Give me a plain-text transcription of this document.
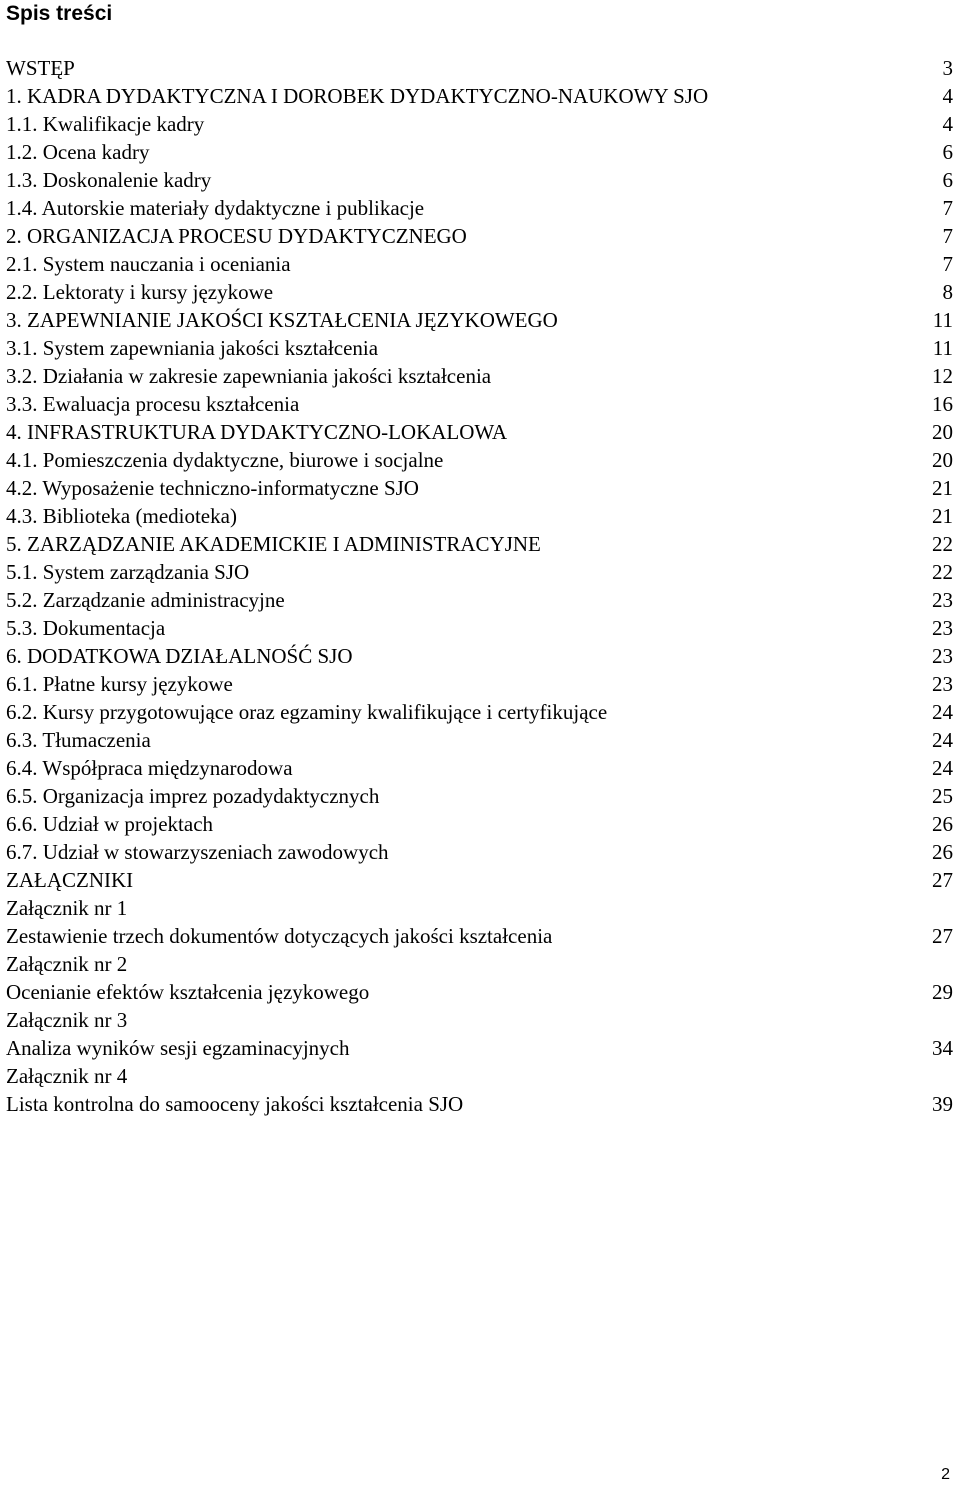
Spis treści
WSTĘP	3
1. KADRA DYDAKTYCZNA I DOROBEK DYDAKTYCZNO-NAUKOWY SJO	4
1.1. Kwalifikacje kadry	4
1.2. Ocena kadry	6
1.3. Doskonalenie kadry	6
1.4. Autorskie materiały dydaktyczne i publikacje	7
2. ORGANIZACJA PROCESU DYDAKTYCZNEGO	7
2.1. System nauczania i oceniania	7
2.2. Lektoraty i kursy językowe	8
3. ZAPEWNIANIE JAKOŚCI KSZTAŁCENIA JĘZYKOWEGO	11
3.1. System zapewniania jakości kształcenia	11
3.2. Działania w zakresie zapewniania jakości kształcenia	12
3.3. Ewaluacja procesu kształcenia	16
4. INFRASTRUKTURA DYDAKTYCZNO-LOKALOWA	20
4.1. Pomieszczenia dydaktyczne, biurowe i socjalne	20
4.2. Wyposażenie techniczno-informatyczne SJO	21
4.3. Biblioteka (medioteka)	21
5. ZARZĄDZANIE AKADEMICKIE I ADMINISTRACYJNE	22
5.1. System zarządzania SJO	22
5.2. Zarządzanie administracyjne	23
5.3. Dokumentacja	23
6. DODATKOWA DZIAŁALNOŚĆ SJO	23
6.1. Płatne kursy językowe	23
6.2. Kursy przygotowujące oraz egzaminy kwalifikujące i certyfikujące	24
6.3. Tłumaczenia	24
6.4. Współpraca międzynarodowa	24
6.5. Organizacja imprez pozadydaktycznych	25
6.6. Udział w projektach	26
6.7. Udział w stowarzyszeniach zawodowych	26
ZAŁĄCZNIKI	27
Załącznik nr 1
Zestawienie trzech dokumentów dotyczących jakości kształcenia	27
Załącznik nr 2
Ocenianie efektów kształcenia językowego	29
Załącznik nr 3
Analiza wyników sesji egzaminacyjnych	34
Załącznik nr 4
Lista kontrolna do samooceny jakości kształcenia SJO	39
2
